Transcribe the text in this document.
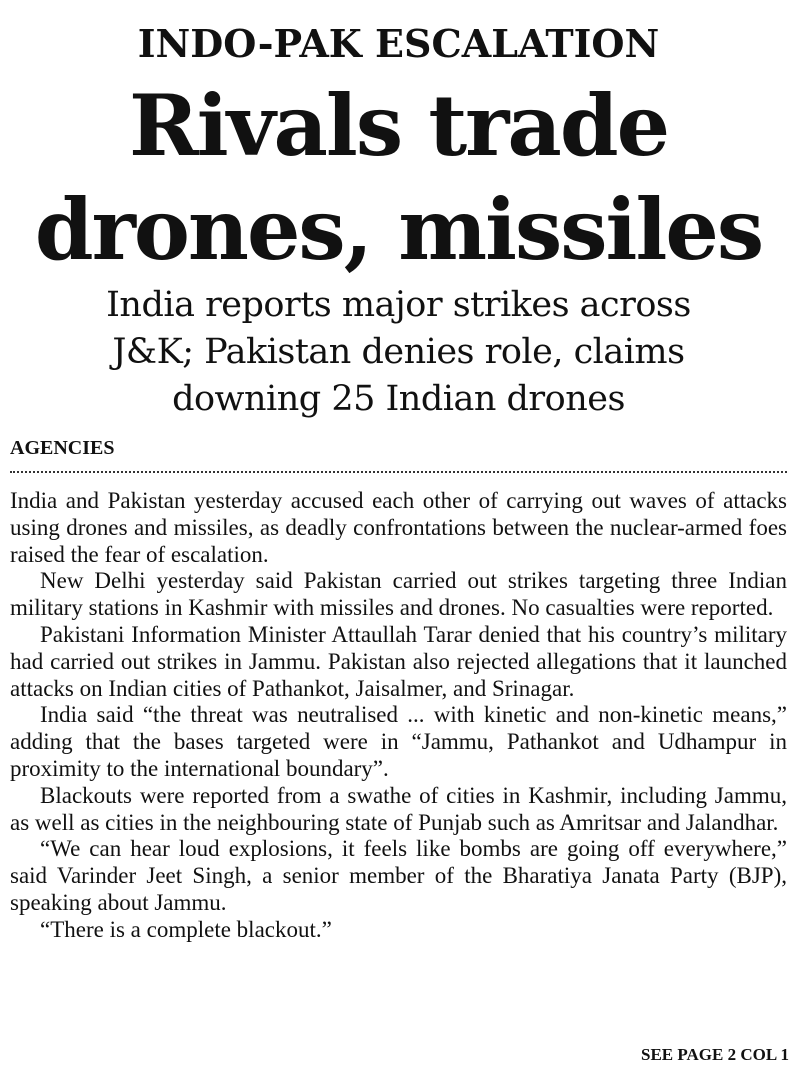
INDO-PAK ESCALATION
Rivals trade
drones, missiles
India reports major strikes across
J&K; Pakistan denies role, claims
downing 25 Indian drones
AGENCIES

India and Pakistan yesterday accused each other of carrying out waves of attacks using drones and missiles, as deadly confrontations between the nuclear-armed foes raised the fear of escalation.

New Delhi yesterday said Pakistan carried out strikes targeting three Indian military stations in Kashmir with missiles and drones. No casualties were reported.

Pakistani Information Minister Attaullah Tarar denied that his country’s military had carried out strikes in Jammu. Pakistan also rejected allegations that it launched attacks on Indian cities of Pathankot, Jaisalmer, and Srinagar.

India said “the threat was neutralised ... with kinetic and non-kinetic means,” adding that the bases targeted were in “Jammu, Pathankot and Udhampur in proximity to the international boundary”.

Blackouts were reported from a swathe of cities in Kashmir, including Jammu, as well as cities in the neighbouring state of Punjab such as Amritsar and Jalandhar.

“We can hear loud explosions, it feels like bombs are going off everywhere,” said Varinder Jeet Singh, a senior member of the Bharatiya Janata Party (BJP), speaking about Jammu.

“There is a complete blackout.”

SEE PAGE 2 COL 1
